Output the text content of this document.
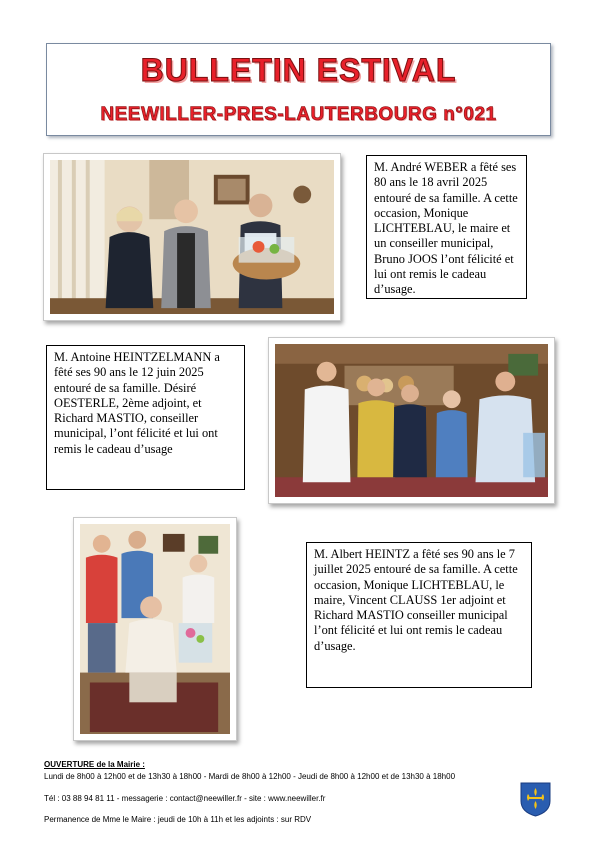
BULLETIN ESTIVAL
NEEWILLER-PRES-LAUTERBOURG n°021

M. André WEBER a fêté ses 80 ans le 18 avril 2025 entouré de sa famille. A cette occasion, Monique LICHTEBLAU, le maire et un conseiller municipal, Bruno JOOS l’ont félicité et lui ont remis le cadeau d’usage.

M. Antoine HEINTZELMANN a fêté ses 90 ans le 12 juin 2025 entouré de sa famille. Désiré OESTERLE, 2ème adjoint, et Richard MASTIO, conseiller municipal, l’ont félicité et lui ont remis le cadeau d’usage

M. Albert HEINTZ a fêté ses 90 ans le 7 juillet 2025 entouré de sa famille. A cette occasion, Monique LICHTEBLAU, le maire, Vincent CLAUSS 1er adjoint et Richard MASTIO conseiller municipal l’ont félicité et lui ont remis le cadeau d’usage.

OUVERTURE de la Mairie :
Lundi de 8h00 à 12h00 et de 13h30 à 18h00 - Mardi de 8h00 à 12h00 - Jeudi de 8h00 à 12h00 et de 13h30 à 18h00
Tél : 03 88 94 81 11 - messagerie : contact@neewiller.fr - site : www.neewiller.fr
Permanence de Mme le Maire : jeudi de 10h à 11h et les adjoints : sur RDV
